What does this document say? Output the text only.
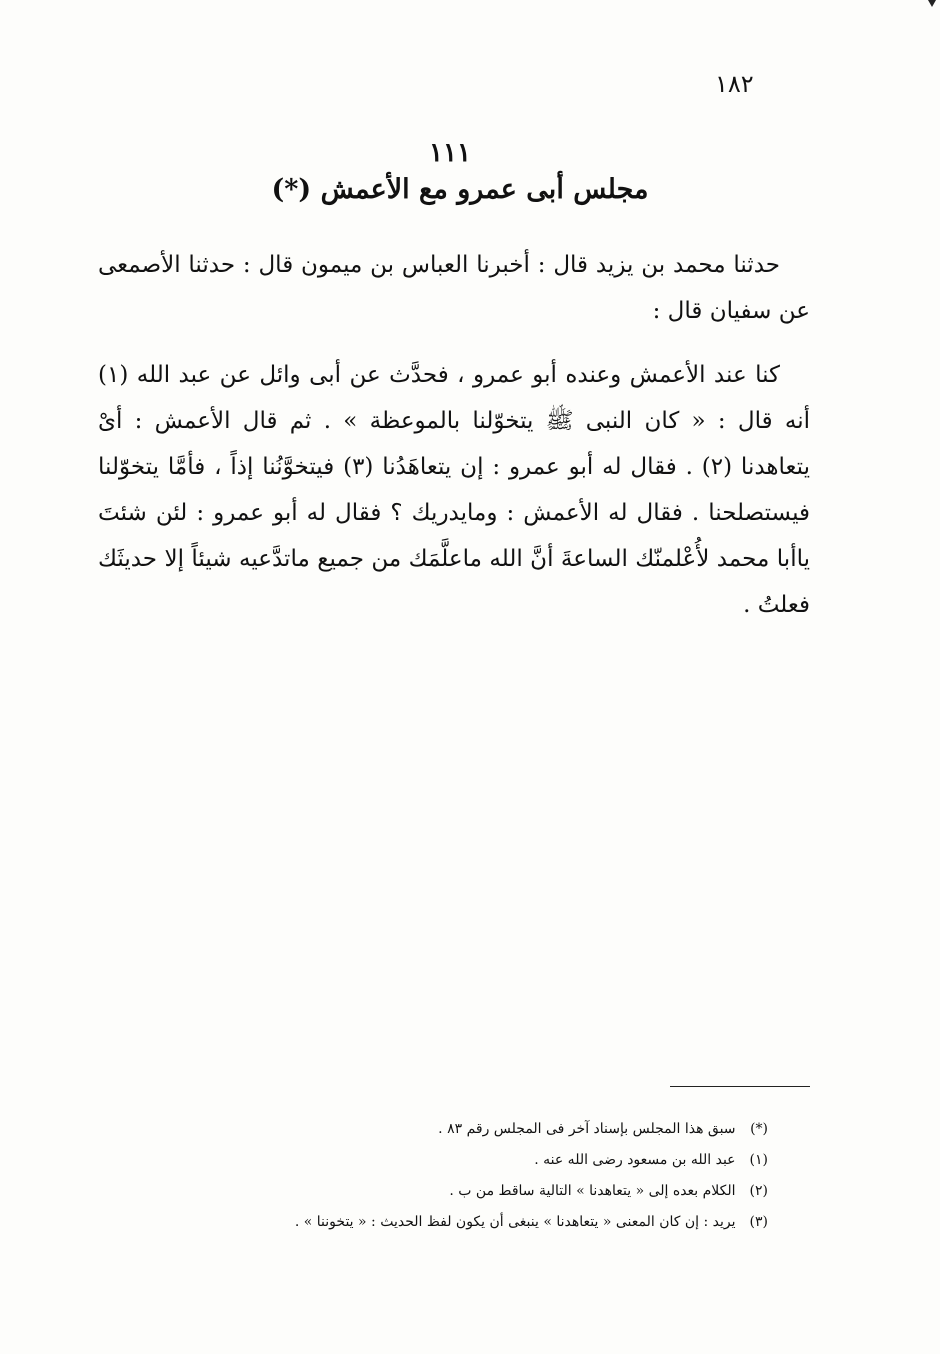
١٨٢
١١١
مجلس أبى عمرو مع الأعمش (*)

حدثنا محمد بن يزيد قال : أخبرنا العباس بن ميمون قال : حدثنا الأصمعى عن سفيان قال :

كنا عند الأعمش وعنده أبو عمرو ، فحدَّث عن أبى وائل عن عبد الله (١) أنه قال : « كان النبى ﷺ يتخوّلنا بالموعظة » . ثم قال الأعمش : أىْ يتعاهدنا (٢) . فقال له أبو عمرو : إن يتعاهَدُنا (٣) فيتخوَّنُنا إذاً ، فأمَّا يتخوّلنا فيستصلحنا . فقال له الأعمش : ومايدريك ؟ فقال له أبو عمرو : لئن شئتَ ياأبا محمد لأُعْلمنّك الساعةَ أنَّ الله ماعلَّمَك من جميع ماتدَّعيه شيئاً إلا حديثَك فعلتُ .

(*) سبق هذا المجلس بإسناد آخر فى المجلس رقم ٨٣ .
(١) عبد الله بن مسعود رضى الله عنه .
(٢) الكلام بعده إلى « يتعاهدنا » التالية ساقط من ب .
(٣) يريد : إن كان المعنى « يتعاهدنا » ينبغى أن يكون لفظ الحديث : « يتخوننا » .
